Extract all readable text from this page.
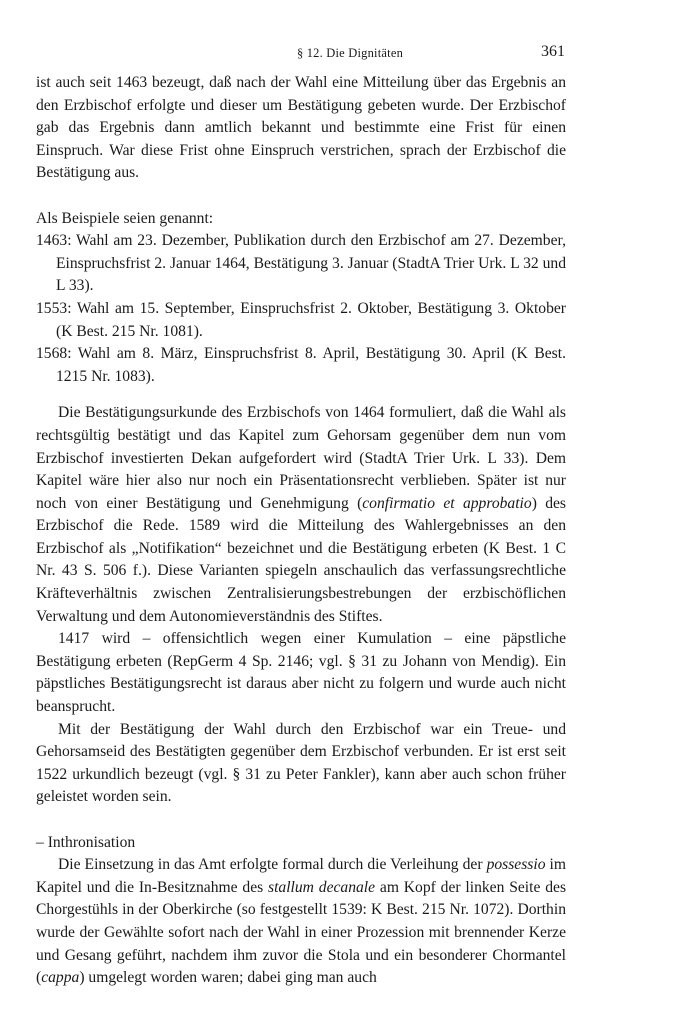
§ 12. Die Dignitäten	361

ist auch seit 1463 bezeugt, daß nach der Wahl eine Mitteilung über das Ergebnis an den Erzbischof erfolgte und dieser um Bestätigung gebeten wurde. Der Erzbischof gab das Ergebnis dann amtlich bekannt und bestimmte eine Frist für einen Einspruch. War diese Frist ohne Einspruch verstrichen, sprach der Erzbischof die Bestätigung aus.

Als Beispiele seien genannt:

1463: Wahl am 23. Dezember, Publikation durch den Erzbischof am 27. Dezember, Einspruchsfrist 2. Januar 1464, Bestätigung 3. Januar (StadtA Trier Urk. L 32 und L 33).

1553: Wahl am 15. September, Einspruchsfrist 2. Oktober, Bestätigung 3. Oktober (K Best. 215 Nr. 1081).

1568: Wahl am 8. März, Einspruchsfrist 8. April, Bestätigung 30. April (K Best. 1215 Nr. 1083).

Die Bestätigungsurkunde des Erzbischofs von 1464 formuliert, daß die Wahl als rechtsgültig bestätigt und das Kapitel zum Gehorsam gegenüber dem nun vom Erzbischof investierten Dekan aufgefordert wird (StadtA Trier Urk. L 33). Dem Kapitel wäre hier also nur noch ein Präsentationsrecht verblieben. Später ist nur noch von einer Bestätigung und Genehmigung (confirmatio et approbatio) des Erzbischof die Rede. 1589 wird die Mitteilung des Wahlergebnisses an den Erzbischof als „Notifikation“ bezeichnet und die Bestätigung erbeten (K Best. 1 C Nr. 43 S. 506 f.). Diese Varianten spiegeln anschaulich das verfassungsrechtliche Kräfteverhältnis zwischen Zentralisierungsbestrebungen der erzbischöflichen Verwaltung und dem Autonomieverständnis des Stiftes.

1417 wird – offensichtlich wegen einer Kumulation – eine päpstliche Bestätigung erbeten (RepGerm 4 Sp. 2146; vgl. § 31 zu Johann von Mendig). Ein päpstliches Bestätigungsrecht ist daraus aber nicht zu folgern und wurde auch nicht beansprucht.

Mit der Bestätigung der Wahl durch den Erzbischof war ein Treue- und Gehorsamseid des Bestätigten gegenüber dem Erzbischof verbunden. Er ist erst seit 1522 urkundlich bezeugt (vgl. § 31 zu Peter Fankler), kann aber auch schon früher geleistet worden sein.

– Inthronisation

Die Einsetzung in das Amt erfolgte formal durch die Verleihung der possessio im Kapitel und die In-Besitznahme des stallum decanale am Kopf der linken Seite des Chorgestühls in der Oberkirche (so festgestellt 1539: K Best. 215 Nr. 1072). Dorthin wurde der Gewählte sofort nach der Wahl in einer Prozession mit brennender Kerze und Gesang geführt, nachdem ihm zuvor die Stola und ein besonderer Chormantel (cappa) umgelegt worden waren; dabei ging man auch
